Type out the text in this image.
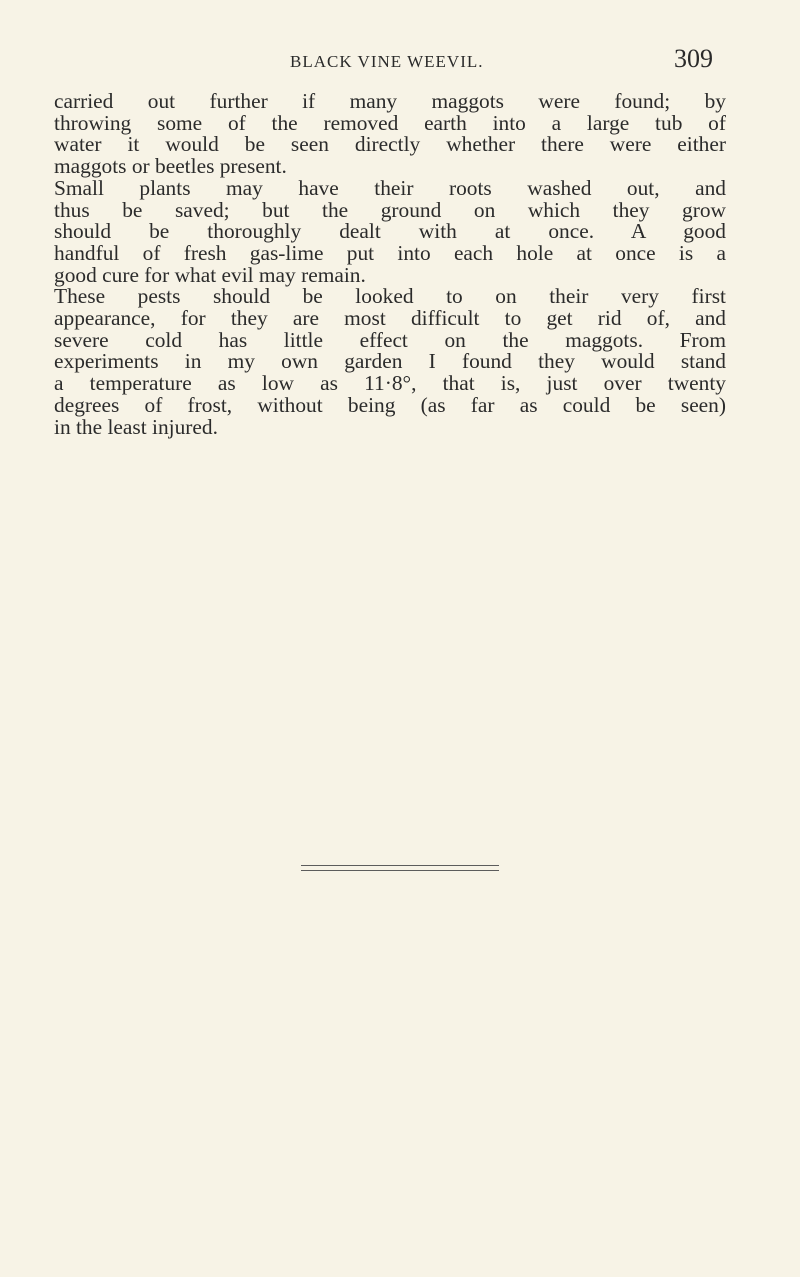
BLACK VINE WEEVIL.	309
carried out further if many maggots were found; by
throwing some of the removed earth into a large tub of
water it would be seen directly whether there were either
maggots or beetles present.
Small plants may have their roots washed out, and
thus be saved; but the ground on which they grow
should be thoroughly dealt with at once. A good
handful of fresh gas-lime put into each hole at once is a
good cure for what evil may remain.
These pests should be looked to on their very first
appearance, for they are most difficult to get rid of, and
severe cold has little effect on the maggots. From
experiments in my own garden I found they would stand
a temperature as low as 11·8°, that is, just over twenty
degrees of frost, without being (as far as could be seen)
in the least injured.
